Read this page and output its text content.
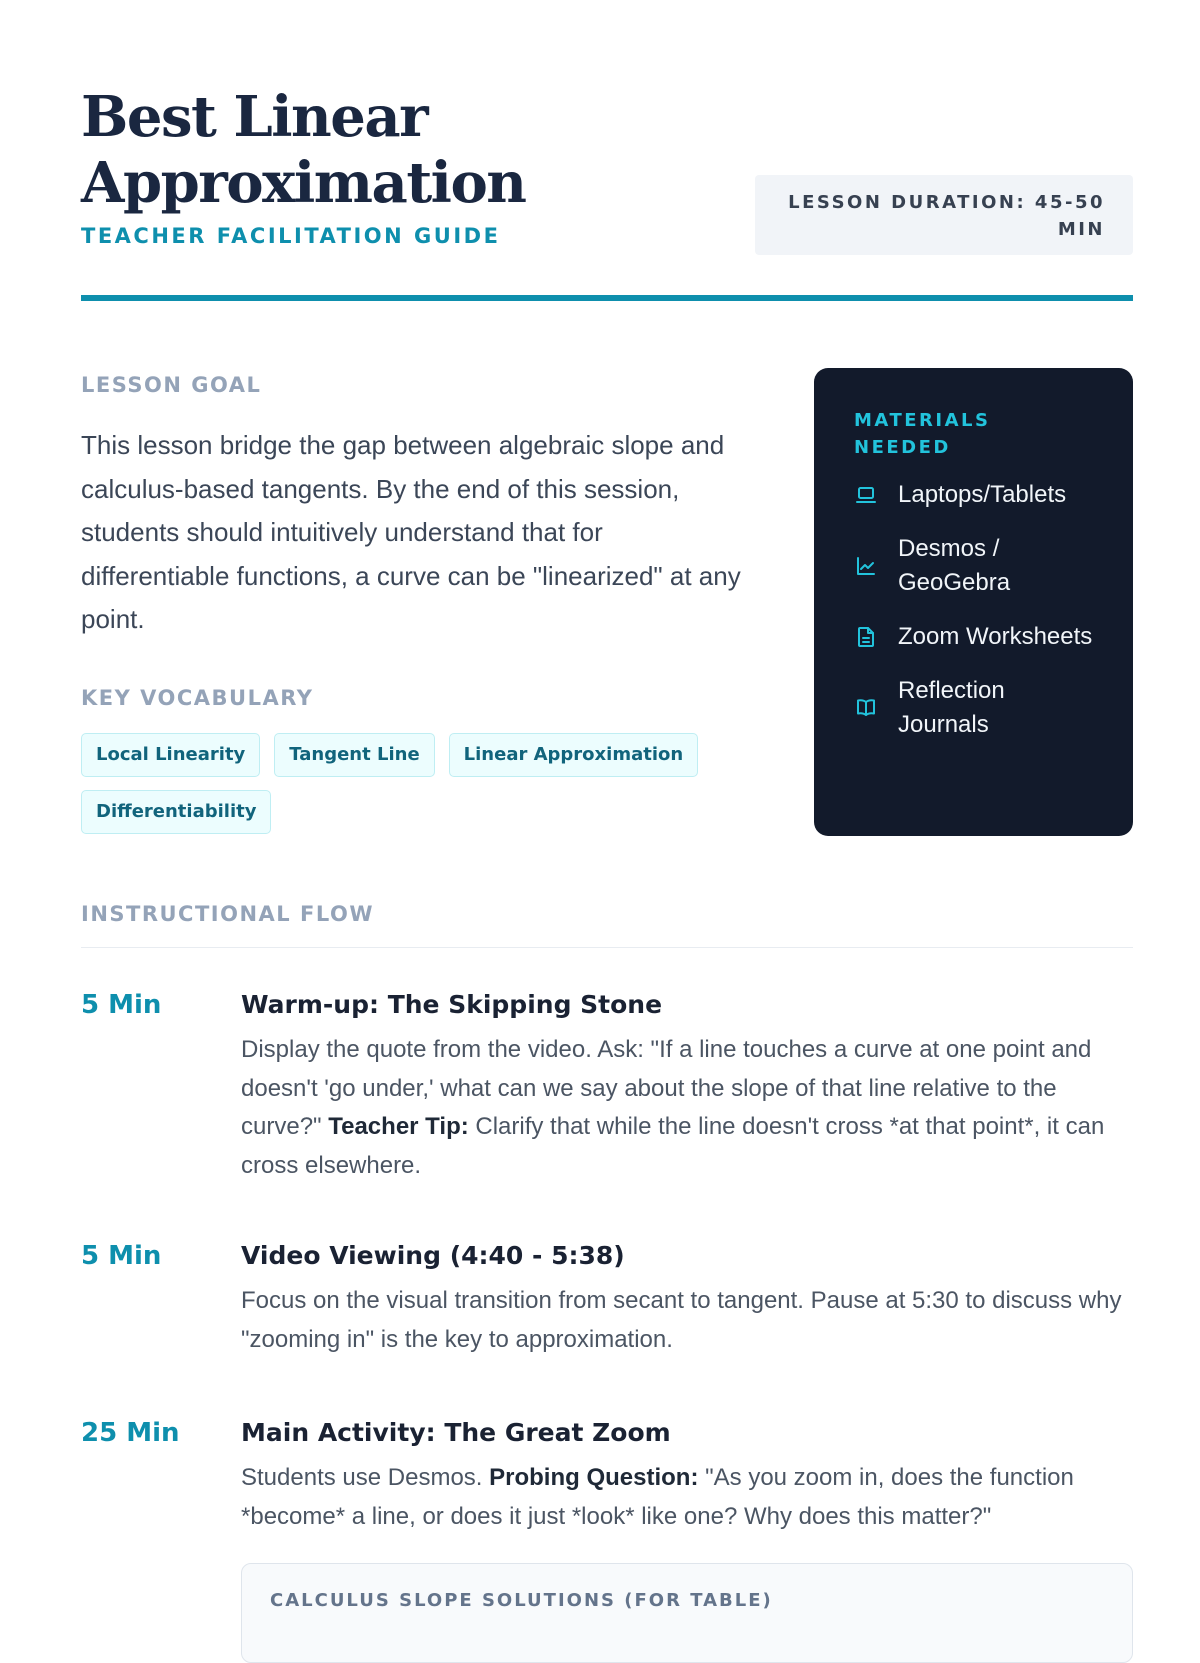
Best Linear Approximation
TEACHER FACILITATION GUIDE
LESSON DURATION: 45-50 MIN
LESSON GOAL

This lesson bridge the gap between algebraic slope and calculus-based tangents. By the end of this session, students should intuitively understand that for differentiable functions, a curve can be "linearized" at any point.

KEY VOCABULARY
Local Linearity	Tangent Line	Linear Approximation
Differentiability
MATERIALS NEEDED
Laptops/Tablets
Desmos / GeoGebra
Zoom Worksheets
Reflection Journals
INSTRUCTIONAL FLOW
5 Min	Warm-up: The Skipping Stone

Display the quote from the video. Ask: "If a line touches a curve at one point and doesn't 'go under,' what can we say about the slope of that line relative to the curve?" Teacher Tip: Clarify that while the line doesn't cross *at that point*, it can cross elsewhere.

5 Min	Video Viewing (4:40 - 5:38)

Focus on the visual transition from secant to tangent. Pause at 5:30 to discuss why "zooming in" is the key to approximation.

25 Min Main Activity: The Great Zoom

Students use Desmos. Probing Question: "As you zoom in, does the function *become* a line, or does it just *look* like one? Why does this matter?"

CALCULUS SLOPE SOLUTIONS (FOR TABLE)
